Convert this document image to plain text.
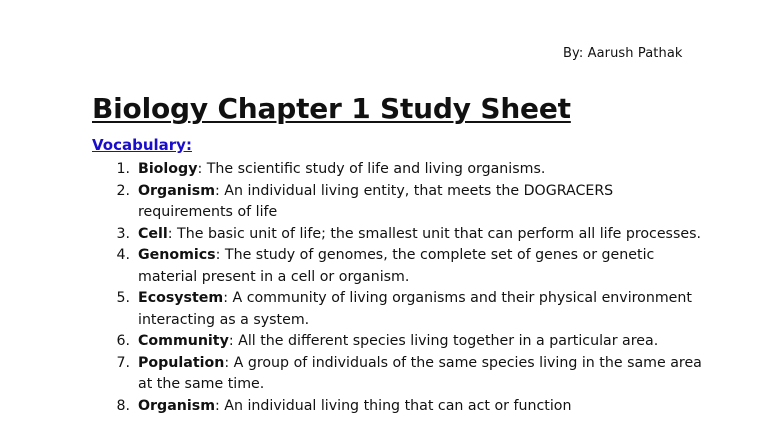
By: Aarush Pathak
Biology Chapter 1 Study Sheet
Vocabulary:
1. Biology: The scientific study of life and living organisms.
2. Organism: An individual living entity, that meets the DOGRACERS requirements of life
3. Cell: The basic unit of life; the smallest unit that can perform all life processes.
4. Genomics: The study of genomes, the complete set of genes or genetic material present in a cell or organism.
5. Ecosystem: A community of living organisms and their physical environment interacting as a system.
6. Community: All the different species living together in a particular area.
7. Population: A group of individuals of the same species living in the same area at the same time.
8. Organism: An individual living thing that can act or function
